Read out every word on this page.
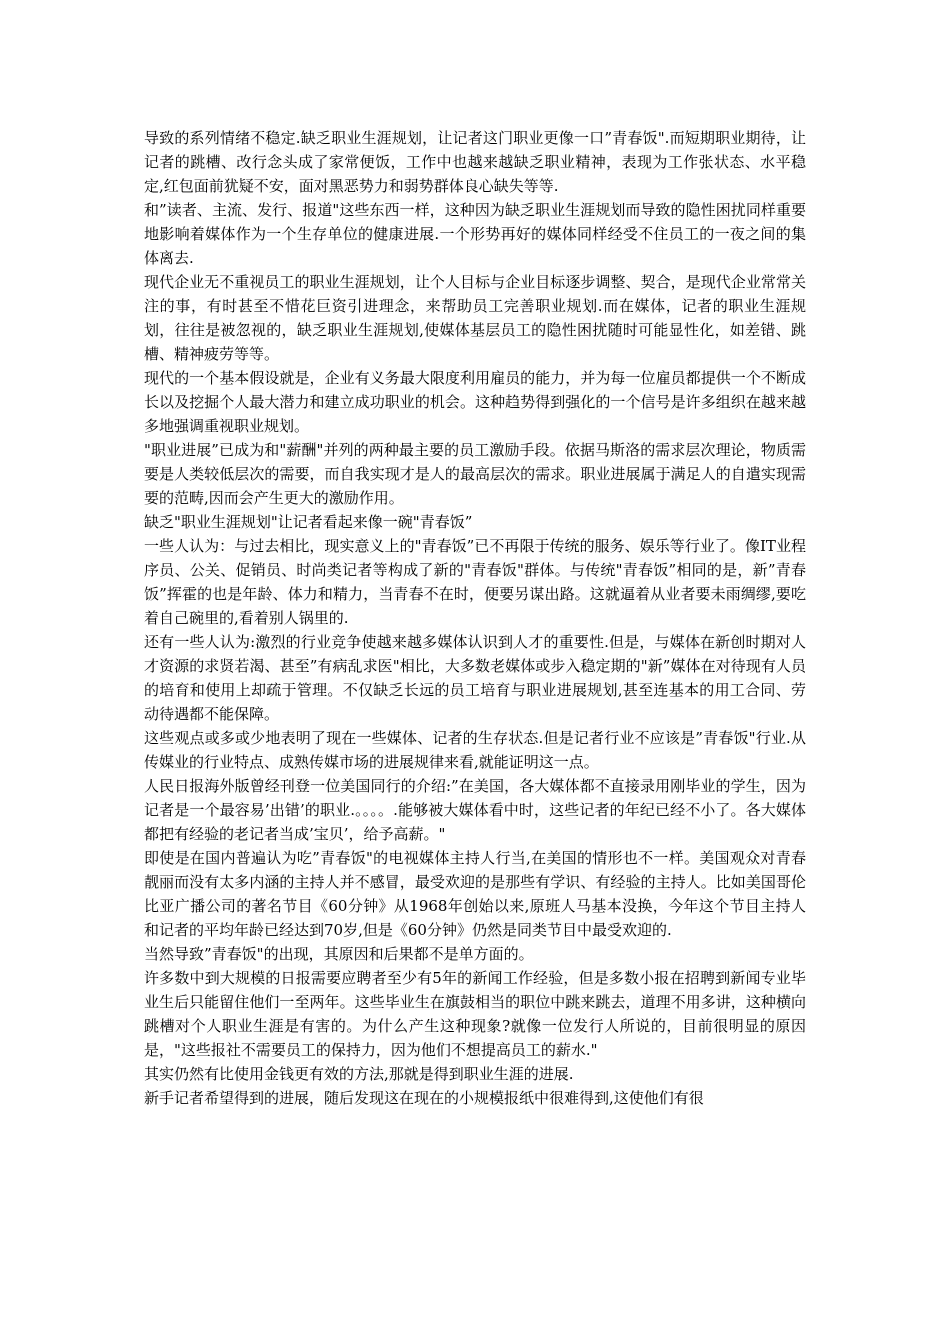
导致的系列情绪不稳定.缺乏职业生涯规划，让记者这门职业更像一口”青春饭".而短期职业期待，让记者的跳槽、改行念头成了家常便饭，工作中也越来越缺乏职业精神，表现为工作张状态、水平稳定,红包面前犹疑不安，面对黑恶势力和弱势群体良心缺失等等.

和”读者、主流、发行、报道"这些东西一样，这种因为缺乏职业生涯规划而导致的隐性困扰同样重要地影响着媒体作为一个生存单位的健康进展.一个形势再好的媒体同样经受不住员工的一夜之间的集体离去.

现代企业无不重视员工的职业生涯规划，让个人目标与企业目标逐步调整、契合，是现代企业常常关注的事，有时甚至不惜花巨资引进理念，来帮助员工完善职业规划.而在媒体，记者的职业生涯规划，往往是被忽视的，缺乏职业生涯规划,使媒体基层员工的隐性困扰随时可能显性化，如差错、跳槽、精神疲劳等等。

现代的一个基本假设就是，企业有义务最大限度利用雇员的能力，并为每一位雇员都提供一个不断成长以及挖掘个人最大潜力和建立成功职业的机会。这种趋势得到强化的一个信号是许多组织在越来越多地强调重视职业规划。

"职业进展”已成为和"薪酬"并列的两种最主要的员工激励手段。依据马斯洛的需求层次理论，物质需要是人类较低层次的需要，而自我实现才是人的最高层次的需求。职业进展属于满足人的自遣实现需要的范畴,因而会产生更大的激励作用。

缺乏"职业生涯规划"让记者看起来像一碗"青春饭”

一些人认为：与过去相比，现实意义上的"青春饭”已不再限于传统的服务、娱乐等行业了。像IT业程序员、公关、促销员、时尚类记者等构成了新的"青春饭"群体。与传统"青春饭”相同的是，新”青春饭”挥霍的也是年龄、体力和精力，当青春不在时，便要另谋出路。这就逼着从业者要未雨绸缪,要吃着自己碗里的,看着别人锅里的.

还有一些人认为:激烈的行业竞争使越来越多媒体认识到人才的重要性.但是，与媒体在新创时期对人才资源的求贤若渴、甚至”有病乱求医"相比，大多数老媒体或步入稳定期的"新”媒体在对待现有人员的培育和使用上却疏于管理。不仅缺乏长远的员工培育与职业进展规划,甚至连基本的用工合同、劳动待遇都不能保障。

这些观点或多或少地表明了现在一些媒体、记者的生存状态.但是记者行业不应该是”青春饭"行业.从传媒业的行业特点、成熟传媒市场的进展规律来看,就能证明这一点。

人民日报海外版曾经刊登一位美国同行的介绍:”在美国，各大媒体都不直接录用刚毕业的学生，因为记者是一个最容易’出错’的职业.。。。。.能够被大媒体看中时，这些记者的年纪已经不小了。各大媒体都把有经验的老记者当成’宝贝’，给予高薪。"

即使是在国内普遍认为吃”青春饭"的电视媒体主持人行当,在美国的情形也不一样。美国观众对青春靓丽而没有太多内涵的主持人并不感冒，最受欢迎的是那些有学识、有经验的主持人。比如美国哥伦比亚广播公司的著名节目《60分钟》从1968年创始以来,原班人马基本没换，今年这个节目主持人和记者的平均年龄已经达到70岁,但是《60分钟》仍然是同类节目中最受欢迎的.

当然导致”青春饭"的出现，其原因和后果都不是单方面的。

许多数中到大规模的日报需要应聘者至少有5年的新闻工作经验，但是多数小报在招聘到新闻专业毕业生后只能留住他们一至两年。这些毕业生在旗鼓相当的职位中跳来跳去，道理不用多讲，这种横向跳槽对个人职业生涯是有害的。为什么产生这种现象?就像一位发行人所说的，目前很明显的原因是，"这些报社不需要员工的保持力，因为他们不想提高员工的薪水."

其实仍然有比使用金钱更有效的方法,那就是得到职业生涯的进展.

新手记者希望得到的进展，随后发现这在现在的小规模报纸中很难得到,这使他们有很
